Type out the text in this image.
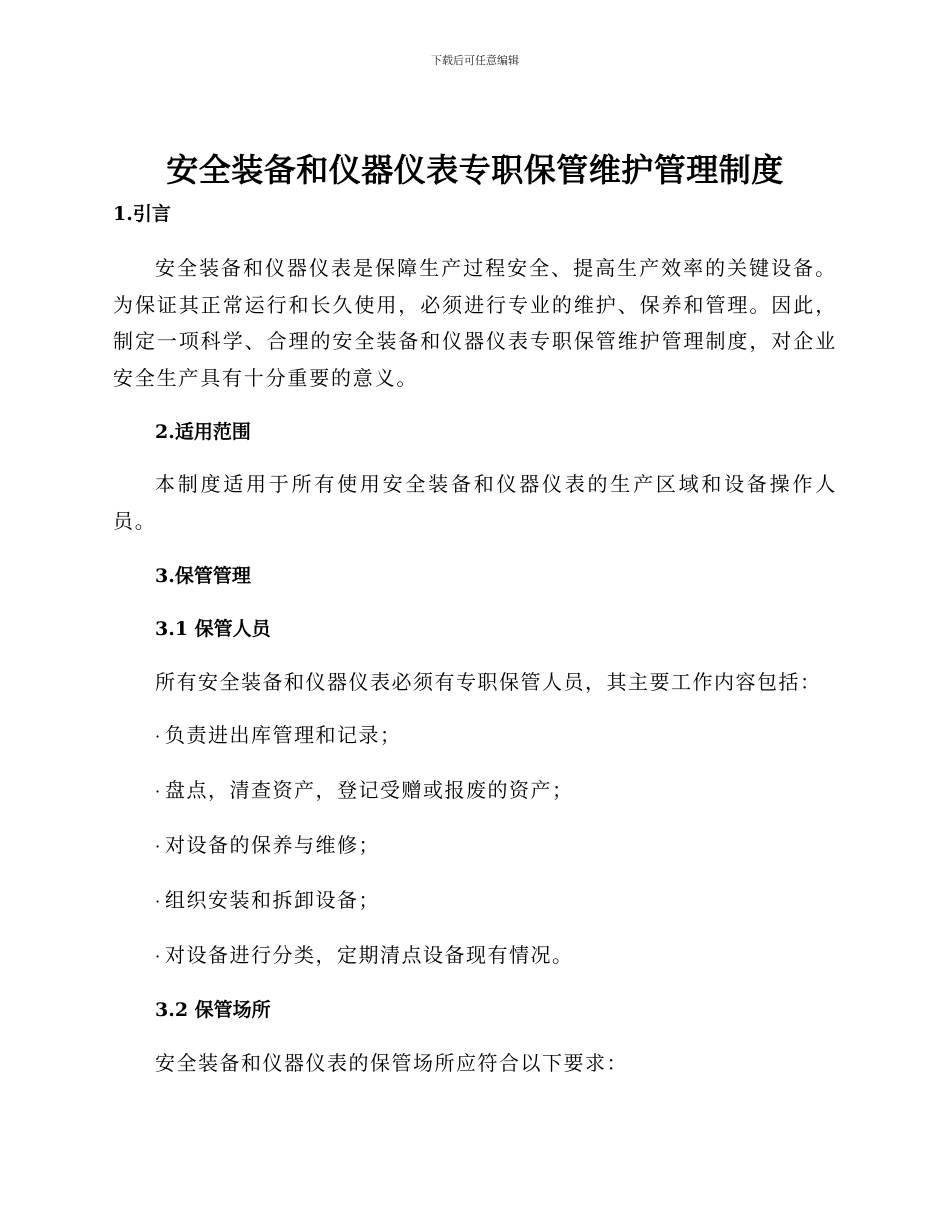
下载后可任意编辑
安全装备和仪器仪表专职保管维护管理制度
1.引言

安全装备和仪器仪表是保障生产过程安全、提高生产效率的关键设备。为保证其正常运行和长久使用，必须进行专业的维护、保养和管理。因此，制定一项科学、合理的安全装备和仪器仪表专职保管维护管理制度，对企业安全生产具有十分重要的意义。

2.适用范围

本制度适用于所有使用安全装备和仪器仪表的生产区域和设备操作人员。

3.保管管理
3.1 保管人员

所有安全装备和仪器仪表必须有专职保管人员，其主要工作内容包括：

· 负责进出库管理和记录；

· 盘点，清查资产，登记受赠或报废的资产；

· 对设备的保养与维修；

· 组织安装和拆卸设备；

· 对设备进行分类，定期清点设备现有情况。

3.2 保管场所

安全装备和仪器仪表的保管场所应符合以下要求：
